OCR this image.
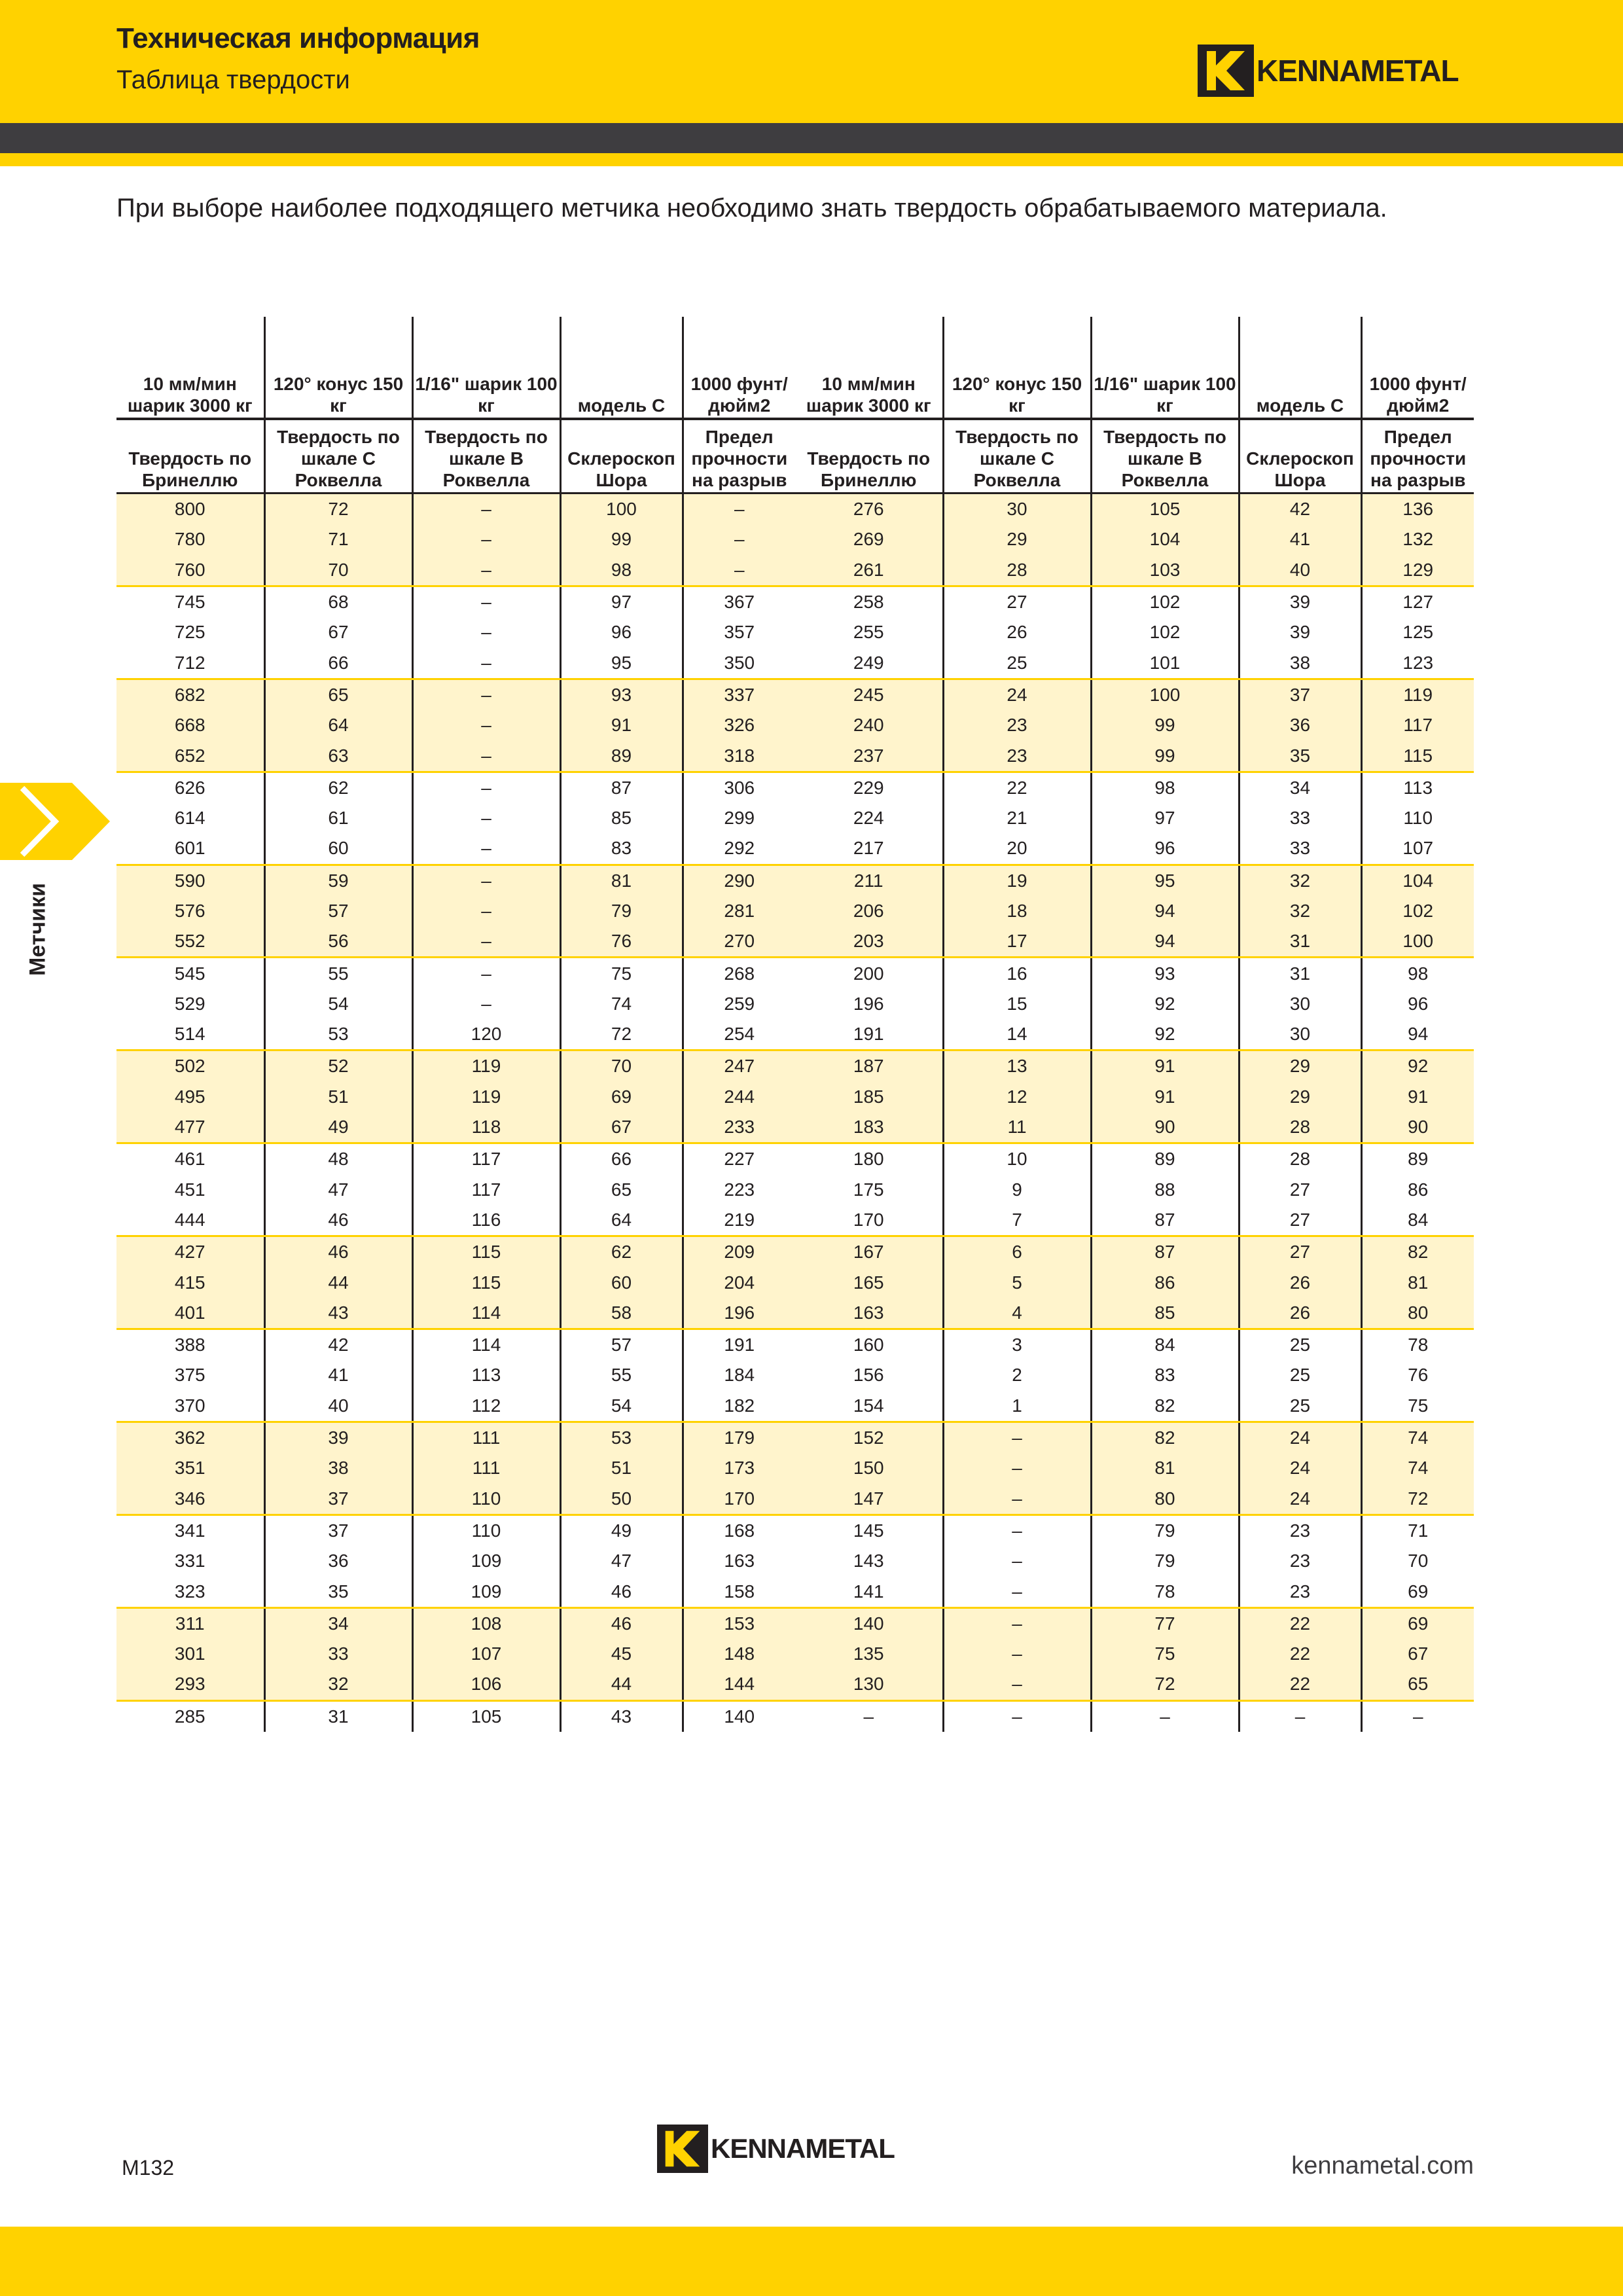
Техническая информация
Таблица твердости	KENNAMETAL
При выборе наиболее подходящего метчика необходимо знать твердость обрабатываемого материала.
Метчики
10 мм/мин шарик 3000 кг	120° конус 150 кг	1/16" шарик 100 кг	модель C	1000 фунт/ дюйм2	10 мм/мин шарик 3000 кг	120° конус 150 кг	1/16" шарик 100 кг	модель C	1000 фунт/ дюйм2
Твердость по Бринеллю	Твердость по шкале C Роквелла	Твердость по шкале B Роквелла	Склероскоп Шора	Предел прочности на разрыв	Твердость по Бринеллю	Твердость по шкале C Роквелла	Твердость по шкале B Роквелла	Склероскоп Шора	Предел прочности на разрыв
800	72	–	100	–	276	30	105	42	136
780	71	–	99	–	269	29	104	41	132
760	70	–	98	–	261	28	103	40	129
745	68	–	97	367	258	27	102	39	127
725	67	–	96	357	255	26	102	39	125
712	66	–	95	350	249	25	101	38	123
682	65	–	93	337	245	24	100	37	119
668	64	–	91	326	240	23	99	36	117
652	63	–	89	318	237	23	99	35	115
626	62	–	87	306	229	22	98	34	113
614	61	–	85	299	224	21	97	33	110
601	60	–	83	292	217	20	96	33	107
590	59	–	81	290	211	19	95	32	104
576	57	–	79	281	206	18	94	32	102
552	56	–	76	270	203	17	94	31	100
545	55	–	75	268	200	16	93	31	98
529	54	–	74	259	196	15	92	30	96
514	53	120	72	254	191	14	92	30	94
502	52	119	70	247	187	13	91	29	92
495	51	119	69	244	185	12	91	29	91
477	49	118	67	233	183	11	90	28	90
461	48	117	66	227	180	10	89	28	89
451	47	117	65	223	175	9	88	27	86
444	46	116	64	219	170	7	87	27	84
427	46	115	62	209	167	6	87	27	82
415	44	115	60	204	165	5	86	26	81
401	43	114	58	196	163	4	85	26	80
388	42	114	57	191	160	3	84	25	78
375	41	113	55	184	156	2	83	25	76
370	40	112	54	182	154	1	82	25	75
362	39	111	53	179	152	–	82	24	74
351	38	111	51	173	150	–	81	24	74
346	37	110	50	170	147	–	80	24	72
341	37	110	49	168	145	–	79	23	71
331	36	109	47	163	143	–	79	23	70
323	35	109	46	158	141	–	78	23	69
311	34	108	46	153	140	–	77	22	69
301	33	107	45	148	135	–	75	22	67
293	32	106	44	144	130	–	72	22	65
285	31	105	43	140	–	–	–	–	–
M132
KENNAMETAL
kennametal.com
